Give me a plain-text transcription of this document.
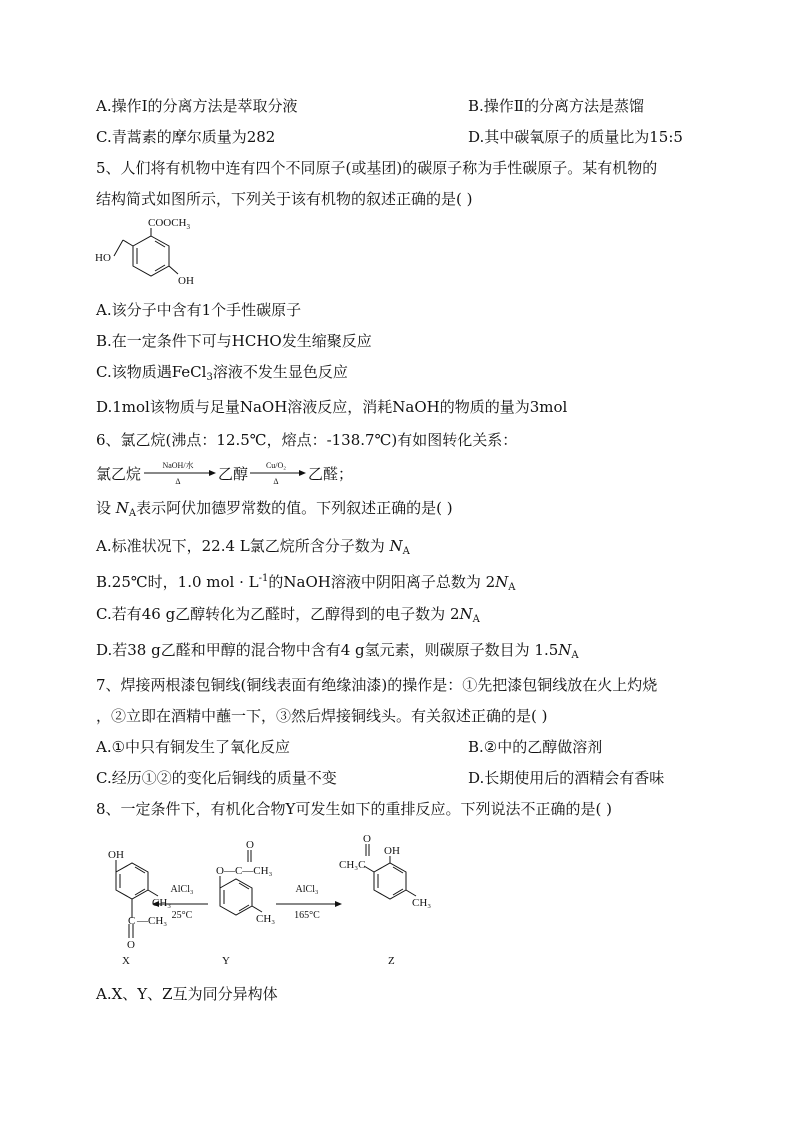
A.操作I的分离方法是萃取分液	B.操作Ⅱ的分离方法是蒸馏
C.青蒿素的摩尔质量为282	D.其中碳氧原子的质量比为15:5
5、人们将有机物中连有四个不同原子(或基团)的碳原子称为手性碳原子。某有机物的
结构简式如图所示，下列关于该有机物的叙述正确的是( )
$COOCH_3$
HO
OH
A.该分子中含有1个手性碳原子
B.在一定条件下可与HCHO发生缩聚反应
C.该物质遇FeCl$_3$溶液不发生显色反应
D.1mol该物质与足量NaOH溶液反应，消耗NaOH的物质的量为3mol
6、氯乙烷(沸点：12.5℃，熔点：-138.7℃)有如图转化关系：
氯乙烷	NaOH/水
Δ 乙醇 Cu/O₂
Δ 乙醛；
设 $N_A$表示阿伏加德罗常数的值。下列叙述正确的是( )
A.标准状况下，22.4 L氯乙烷所含分子数为 $N_A$
B.25℃时，1.0 mol · $L^{-1}$的NaOH溶液中阴阳离子总数为 $2N_A$
C.若有46 g乙醇转化为乙醛时，乙醇得到的电子数为 $2N_A$
D.若38 g乙醛和甲醇的混合物中含有4 g氢元素，则碳原子数目为 $1.5N_A$
7、焊接两根漆包铜线(铜线表面有绝缘油漆)的操作是：①先把漆包铜线放在火上灼烧
，②立即在酒精中蘸一下，③然后焊接铜线头。有关叙述正确的是( )
A.①中只有铜发生了氧化反应	B.②中的乙醇做溶剂
C.经历①②的变化后铜线的质量不变	D.长期使用后的酒精会有香味
8、一定条件下，有机化合物Y可发生如下的重排反应。下列说法不正确的是( )
OH
CH₃
C —CH₃
O
X
AlCl₃
25°C
O
O—C—CH₃
CH₃
Y
AlCl₃
165°C
O
OH
CH₃C
CH₃
Z
A.X、Y、Z互为同分异构体
